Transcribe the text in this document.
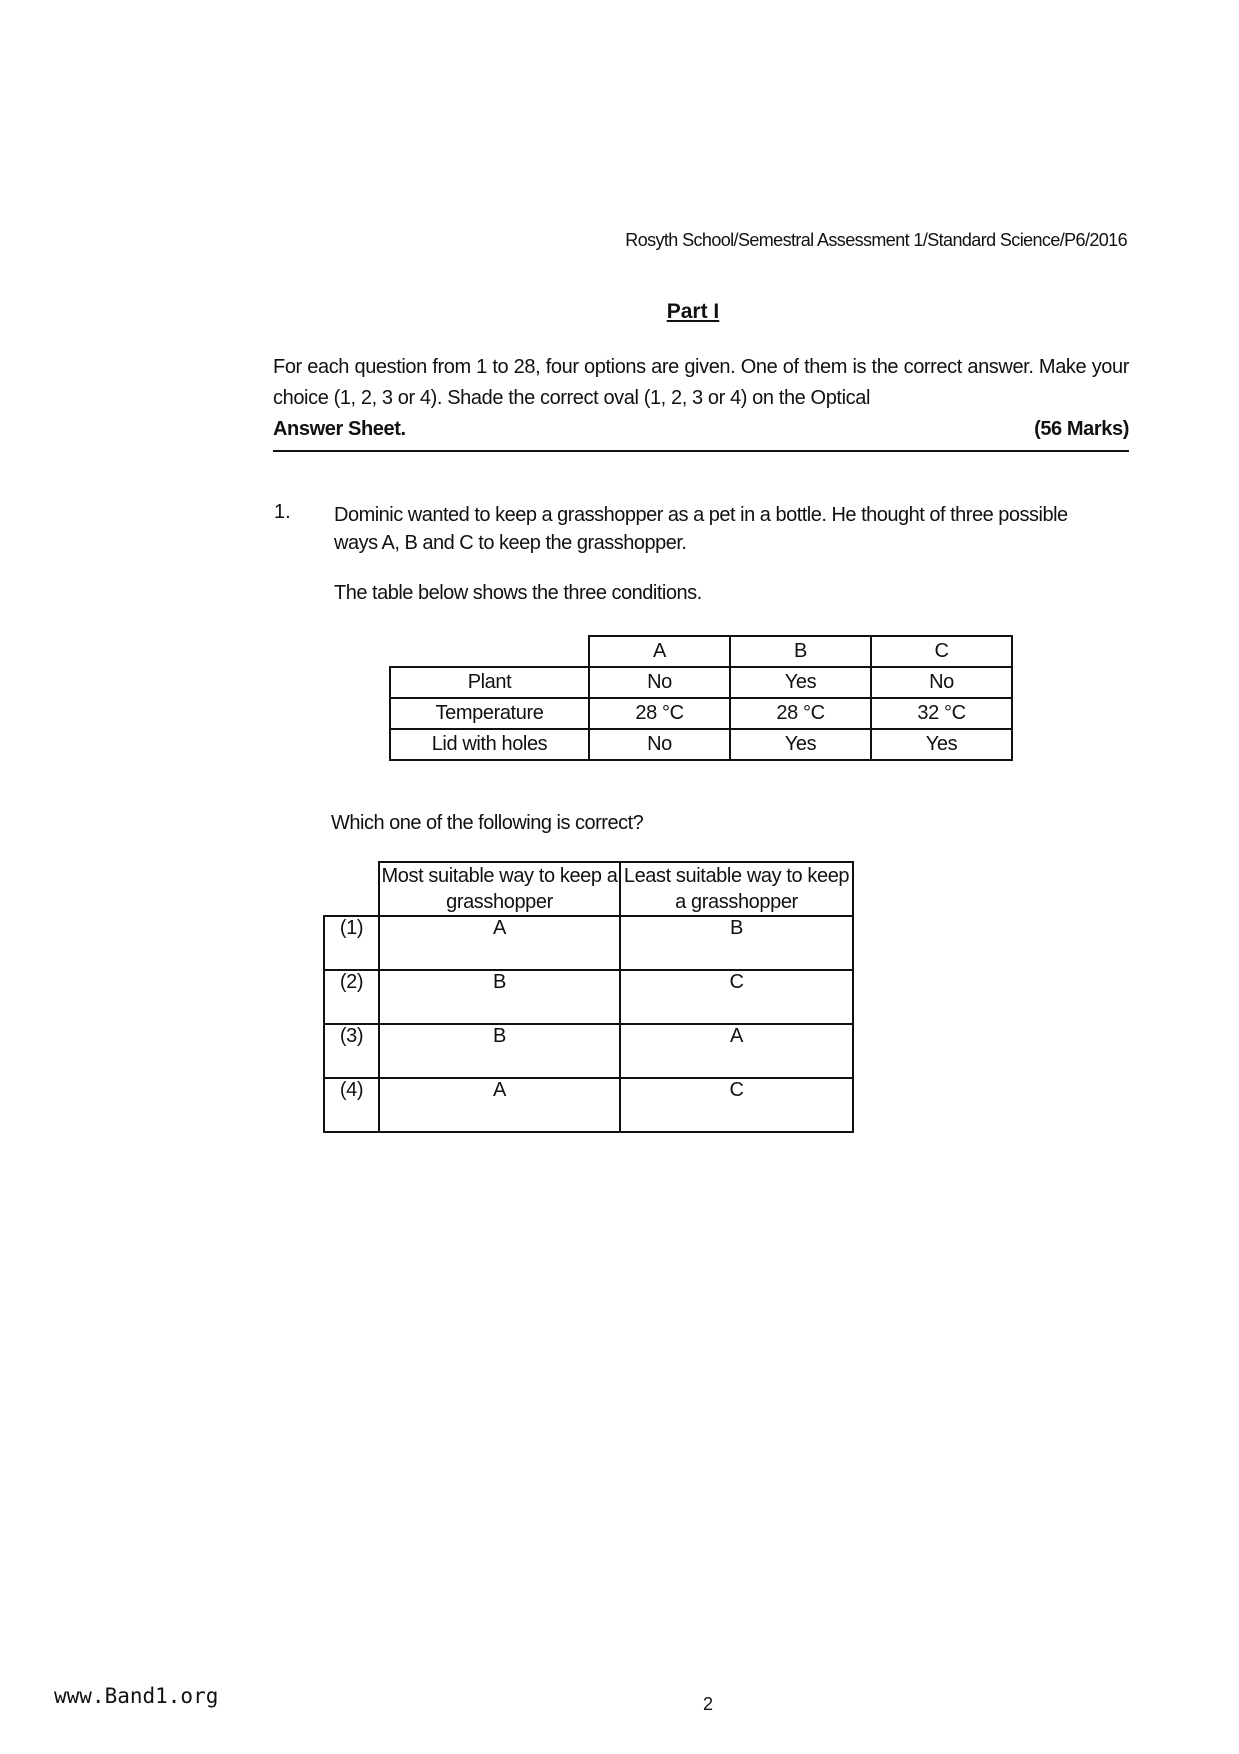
Rosyth School/Semestral Assessment 1/Standard Science/P6/2016
Part I
For each question from 1 to 28, four options are given. One of them is the correct answer. Make your choice (1, 2, 3 or 4). Shade the correct oval (1, 2, 3 or 4) on the Optical
Answer Sheet.	(56 Marks)
1. Dominic wanted to keep a grasshopper as a pet in a bottle. He thought of three possible ways A, B and C to keep the grasshopper.
The table below shows the three conditions.
	A	B	C
Plant	No	Yes	No
Temperature	28 °C	28 °C	32 °C
Lid with holes	No	Yes	Yes
Which one of the following is correct?
	Most suitable way to keep a grasshopper	Least suitable way to keep a grasshopper
(1)	A	B
(2)	B	C
(3)	B	A
(4)	A	C
www.Band1.org	2
